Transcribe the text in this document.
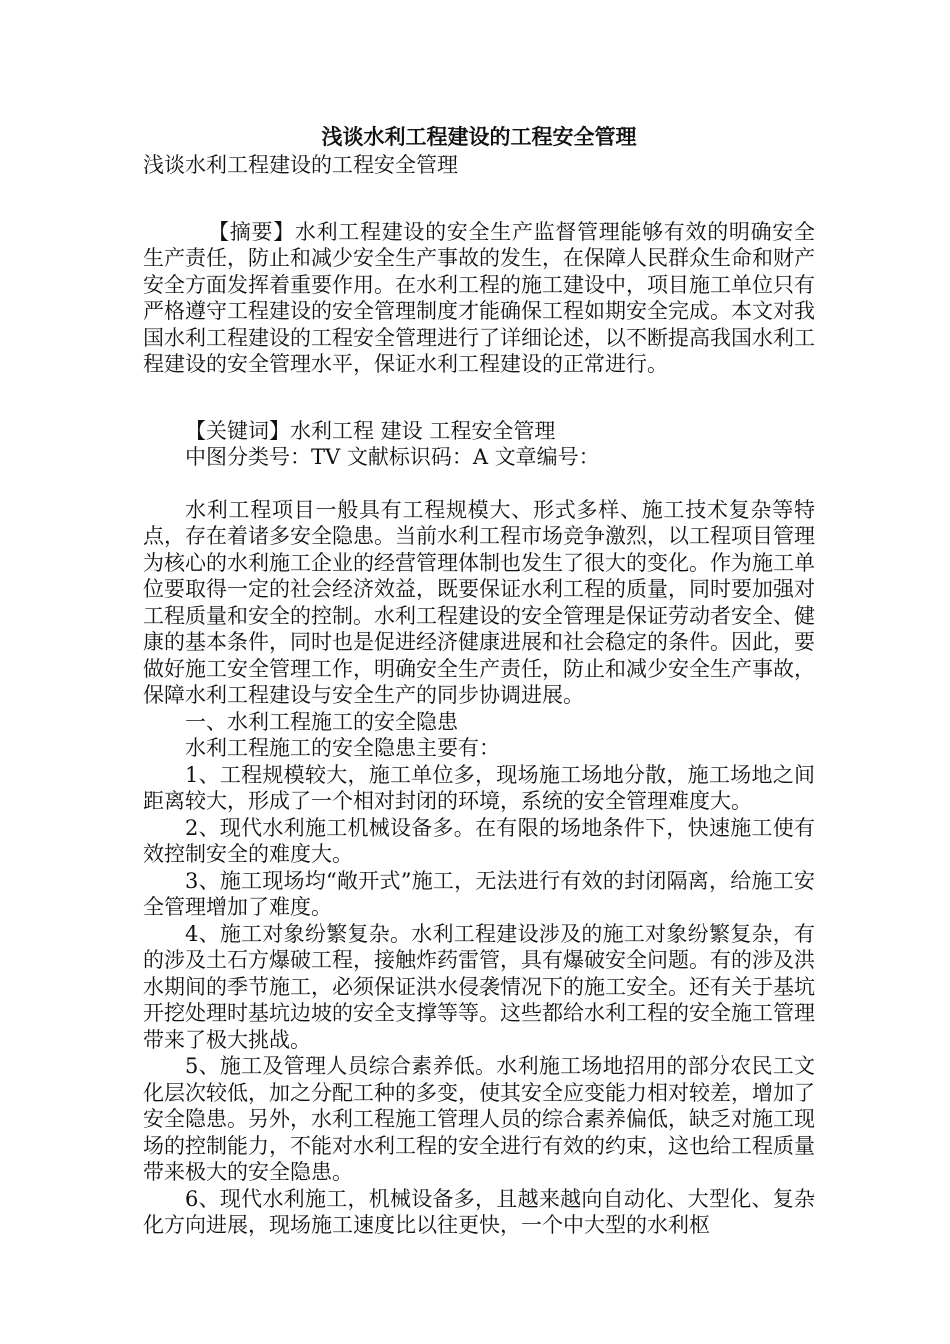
浅谈水利工程建设的工程安全管理

浅谈水利工程建设的工程安全管理

【摘要】水利工程建设的安全生产监督管理能够有效的明确安全生产责任，防止和减少安全生产事故的发生，在保障人民群众生命和财产安全方面发挥着重要作用。在水利工程的施工建设中，项目施工单位只有严格遵守工程建设的安全管理制度才能确保工程如期安全完成。本文对我国水利工程建设的工程安全管理进行了详细论述，以不断提高我国水利工程建设的安全管理水平，保证水利工程建设的正常进行。

【关键词】水利工程 建设 工程安全管理

中图分类号：TV 文献标识码：A 文章编号：

水利工程项目一般具有工程规模大、形式多样、施工技术复杂等特点，存在着诸多安全隐患。当前水利工程市场竞争激烈，以工程项目管理为核心的水利施工企业的经营管理体制也发生了很大的变化。作为施工单位要取得一定的社会经济效益，既要保证水利工程的质量，同时要加强对工程质量和安全的控制。水利工程建设的安全管理是保证劳动者安全、健康的基本条件，同时也是促进经济健康进展和社会稳定的条件。因此，要做好施工安全管理工作，明确安全生产责任，防止和减少安全生产事故，保障水利工程建设与安全生产的同步协调进展。

一、水利工程施工的安全隐患

水利工程施工的安全隐患主要有：

1、工程规模较大，施工单位多，现场施工场地分散，施工场地之间距离较大，形成了一个相对封闭的环境，系统的安全管理难度大。

2、现代水利施工机械设备多。在有限的场地条件下，快速施工使有效控制安全的难度大。

3、施工现场均“敞开式”施工，无法进行有效的封闭隔离，给施工安全管理增加了难度。

4、施工对象纷繁复杂。水利工程建设涉及的施工对象纷繁复杂，有的涉及土石方爆破工程，接触炸药雷管，具有爆破安全问题。有的涉及洪水期间的季节施工，必须保证洪水侵袭情况下的施工安全。还有关于基坑开挖处理时基坑边坡的安全支撑等等。这些都给水利工程的安全施工管理带来了极大挑战。

5、施工及管理人员综合素养低。水利施工场地招用的部分农民工文化层次较低，加之分配工种的多变，使其安全应变能力相对较差，增加了安全隐患。另外，水利工程施工管理人员的综合素养偏低，缺乏对施工现场的控制能力，不能对水利工程的安全进行有效的约束，这也给工程质量带来极大的安全隐患。

6、现代水利施工，机械设备多，且越来越向自动化、大型化、复杂化方向进展，现场施工速度比以往更快，一个中大型的水利枢
